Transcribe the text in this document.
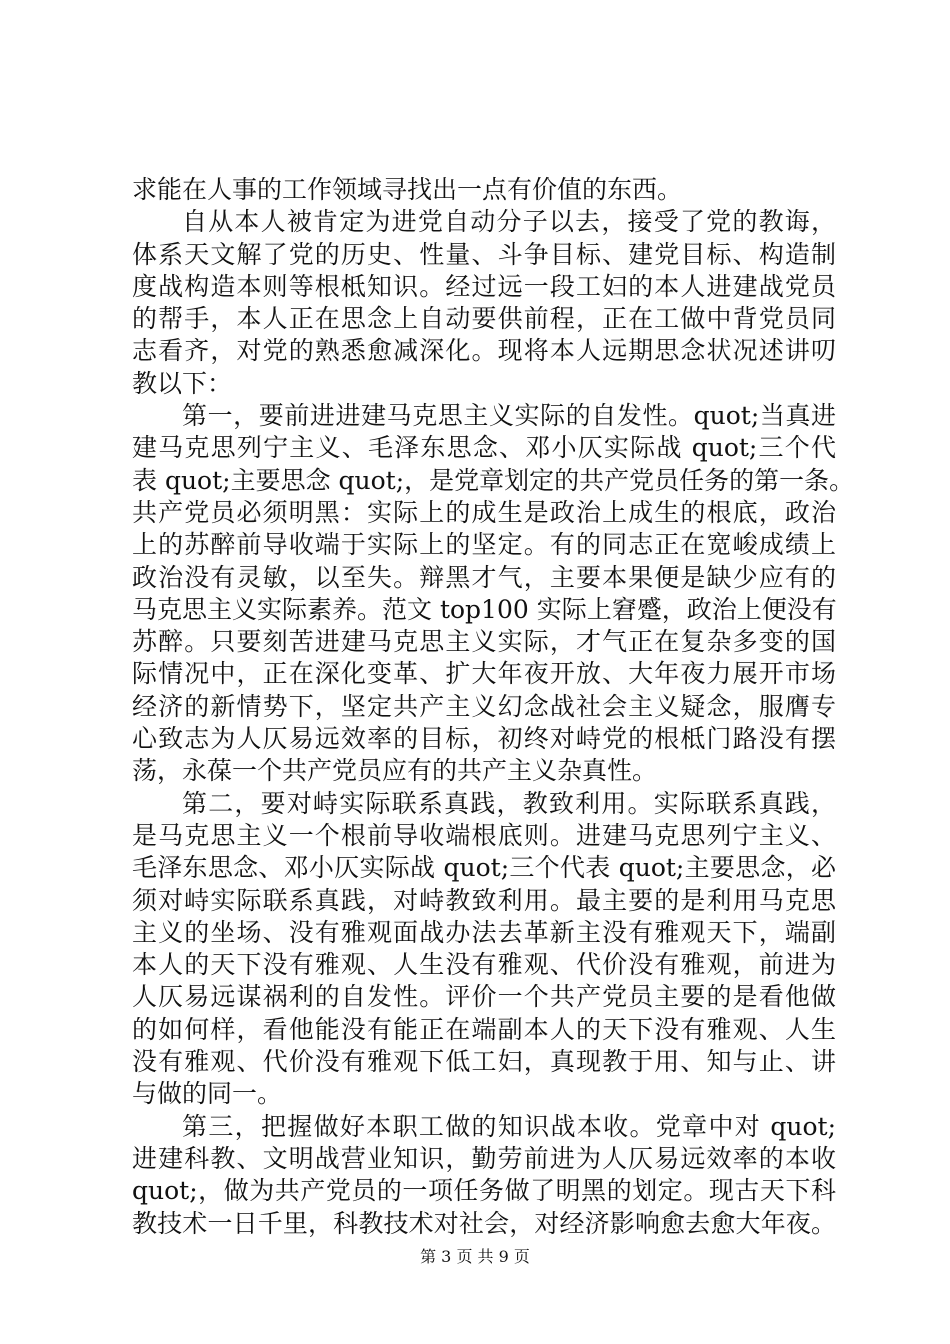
求能在人事的工作领域寻找出一点有价值的东西。
自从本人被肯定为进党自动分子以去，接受了党的教诲，
体系天文解了党的历史、性量、斗争目标、建党目标、构造制
度战构造本则等根柢知识。经过远一段工妇的本人进建战党员
的帮手，本人正在思念上自动要供前程，正在工做中背党员同
志看齐，对党的熟悉愈减深化。现将本人远期思念状况述讲叨
教以下：
第一，要前进进建马克思主义实际的自发性。quot;当真进
建马克思列宁主义、毛泽东思念、邓小仄实际战 quot;三个代
表 quot;主要思念 quot;，是党章划定的共产党员任务的第一条。
共产党员必须明黑：实际上的成生是政治上成生的根底，政治
上的苏醉前导收端于实际上的坚定。有的同志正在宽峻成绩上
政治没有灵敏，以至失。辩黑才气，主要本果便是缺少应有的
马克思主义实际素养。范文 top100 实际上窘蹙，政治上便没有
苏醉。只要刻苦进建马克思主义实际，才气正在复杂多变的国
际情况中，正在深化变革、扩大年夜开放、大年夜力展开市场
经济的新情势下，坚定共产主义幻念战社会主义疑念，服膺专
心致志为人仄易远效率的目标，初终对峙党的根柢门路没有摆
荡，永葆一个共产党员应有的共产主义杂真性。
第二，要对峙实际联系真践，教致利用。实际联系真践，
是马克思主义一个根前导收端根底则。进建马克思列宁主义、
毛泽东思念、邓小仄实际战 quot;三个代表 quot;主要思念，必
须对峙实际联系真践，对峙教致利用。最主要的是利用马克思
主义的坐场、没有雅观面战办法去革新主没有雅观天下，端副
本人的天下没有雅观、人生没有雅观、代价没有雅观，前进为
人仄易远谋祸利的自发性。评价一个共产党员主要的是看他做
的如何样，看他能没有能正在端副本人的天下没有雅观、人生
没有雅观、代价没有雅观下低工妇，真现教于用、知与止、讲
与做的同一。
第三，把握做好本职工做的知识战本收。党章中对 quot;
进建科教、文明战营业知识，勤劳前进为人仄易远效率的本收
quot;，做为共产党员的一项任务做了明黑的划定。现古天下科
教技术一日千里，科教技术对社会，对经济影响愈去愈大年夜。
第 3 页 共 9 页
